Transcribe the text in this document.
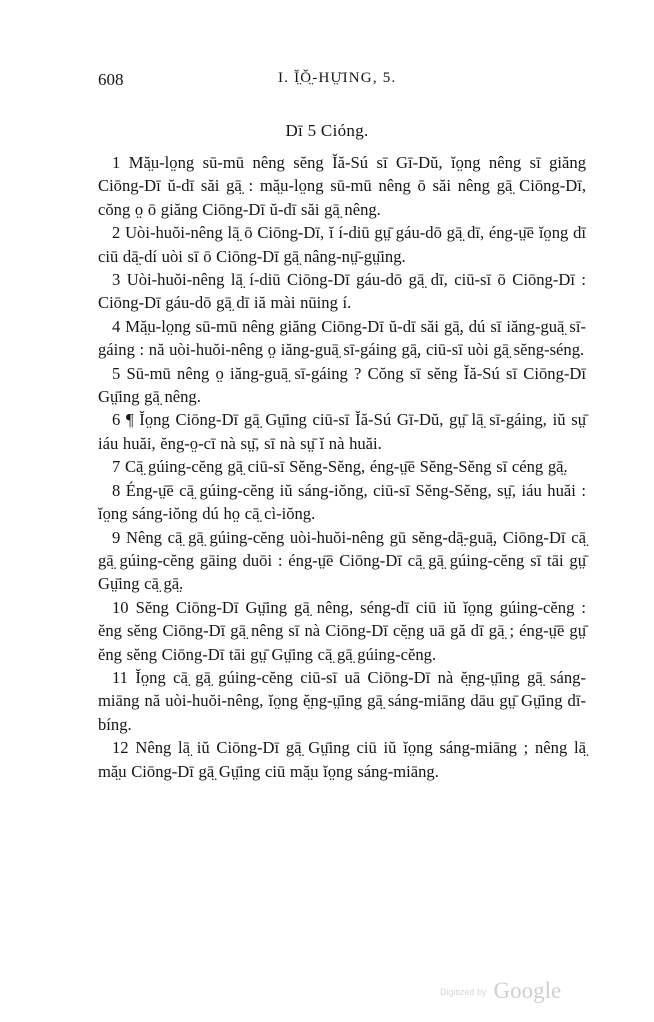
608	I. Ĭ̤Ŏ̤-HṲ̄ING, 5.
Dī 5 Cióng.

1 Mă̤u-lo̤ng sū-mū nêng sĕng Ĭă-Sú sī Gī-Dŭ, ĭo̤ng nêng sī giăng Ciōng-Dī ŭ-dī săi gā̤ : mă̤u-lo̤ng sū-mū nêng ō săi nêng gā̤ Ciōng-Dī, cŏng o̤ ō giăng Ciōng-Dī ŭ-dī săi gā̤ nêng.

2 Uòi-huŏi-nêng lā̤ ō Ciōng-Dī, ĭ í-diū gṳ̄ gáu-dō gā̤ dī, éng-ṳ̄ē ĭo̤ng dī ciū dā̤-dí uòi sī ō Ciōng-Dī gā̤ nâng-nṳ̄-gṳ̄ing.

3 Uòi-huŏi-nêng lā̤ í-diū Ciōng-Dī gáu-dō gā̤ dī, ciū-sī ō Ciōng-Dī : Ciōng-Dī gáu-dō gā̤ dī iă mài nūing í.

4 Mă̤u-lo̤ng sū-mū nêng giăng Ciōng-Dī ŭ-dī săi gā̤, dú sī iăng-guā̤ sī-gáing : nă uòi-huŏi-nêng o̤ iăng-guā̤ sī-gáing gā̤, ciū-sī uòi gā̤ sĕng-séng.

5 Sū-mū nêng o̤ iăng-guā̤ sī-gáing ? Cŏng sī sĕng Ĭă-Sú sī Ciōng-Dī Gṳ̄ing gā̤ nêng.

6 ¶ Ĭo̤ng Ciōng-Dī gā̤ Gṳ̄ing ciū-sī Ĭă-Sú Gī-Dŭ, gṳ̄ lā̤ sī-gáing, iŭ sṳ̄ iáu huăi, ĕng-o̤-cī nà sṳ̄, sī nà sṳ̄ ĭ nà huăi.

7 Cā̤ gúing-cĕng gā̤ ciū-sī Sĕng-Sĕng, éng-ṳ̄ē Sĕng-Sĕng sī céng gā̤.

8 Éng-ṳ̄ē cā̤ gúing-cĕng iŭ sáng-iŏng, ciū-sī Sĕng-Sĕng, sṳ̄, iáu huăi : ĭo̤ng sáng-iŏng dú ho̤ cā̤ cì-iŏng.

9 Nêng cā̤ gā̤ gúing-cĕng uòi-huŏi-nêng gū sĕng-dā̤-guā̤, Ciōng-Dī cā̤ gā̤ gúing-cĕng gāing duōi : éng-ṳ̄ē Ciōng-Dī cā̤ gā̤ gúing-cĕng sī tāi gṳ̄ Gṳ̄ing cā̤ gā̤.

10 Sĕng Ciōng-Dī Gṳ̄ing gā̤ nêng, séng-dī ciū iŭ ĭo̤ng gúing-cĕng : ĕng sĕng Ciōng-Dī gā̤ nêng sī nà Ciōng-Dī cĕ̤ng uā gă dī gā̤ ; éng-ṳ̄ē gṳ̄ ĕng sĕng Ciōng-Dī tāi gṳ̄ Gṳ̄ing cā̤ gā̤ gúing-cĕng.

11 Ĭo̤ng cā̤ gā̤ gúing-cĕng ciū-sī uā Ciōng-Dī nà ĕ̤ng-ṳ̄ing gā̤ sáng-miāng nă uòi-huŏi-nêng, ĭo̤ng ĕ̤ng-ṳ̄ing gā̤ sáng-miāng dāu gṳ̄ Gṳ̄ing dī-bíng.

12 Nêng lā̤ iŭ Ciōng-Dī gā̤ Gṳ̄ing ciū iŭ ĭo̤ng sáng-miāng ; nêng lā̤ mă̤u Ciōng-Dī gā̤ Gṳ̄ing ciū mă̤u ĭo̤ng sáng-miāng.

Digitized by Google
